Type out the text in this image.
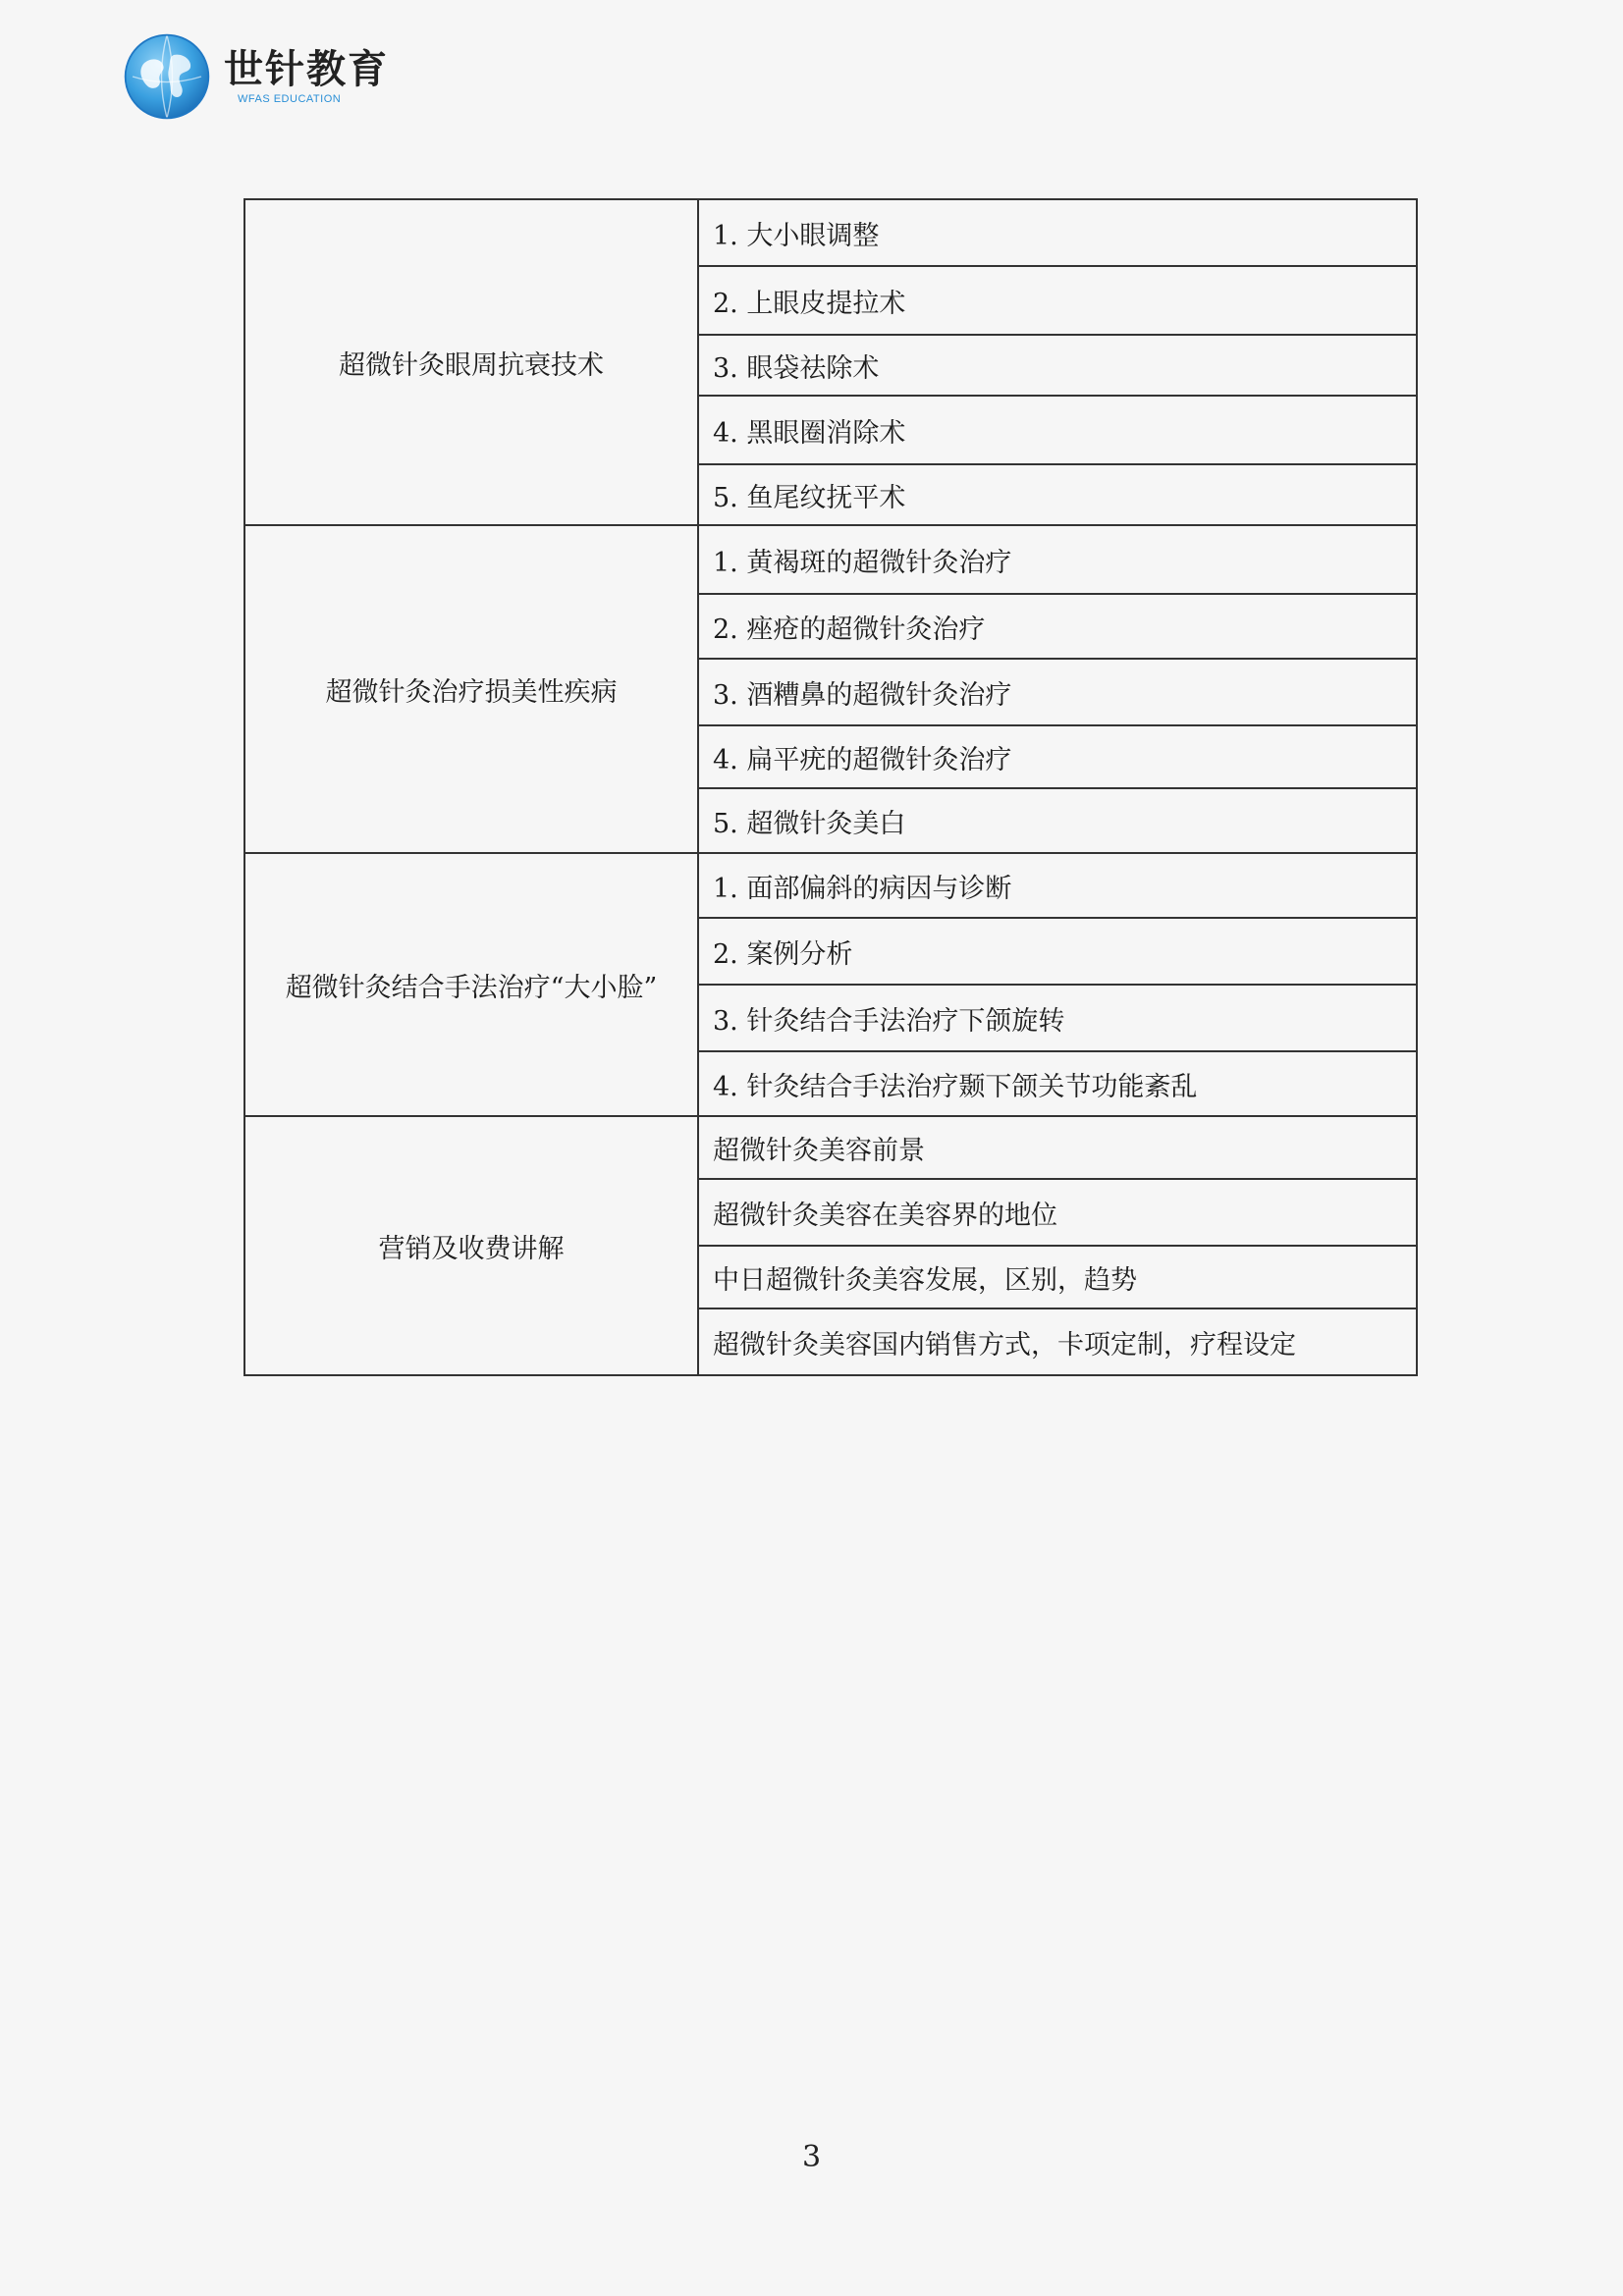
世针教育
WFAS EDUCATION
超微针灸眼周抗衰技术	1. 大小眼调整
	2. 上眼皮提拉术
	3. 眼袋祛除术
	4. 黑眼圈消除术
	5. 鱼尾纹抚平术
超微针灸治疗损美性疾病	1. 黄褐斑的超微针灸治疗
	2. 痤疮的超微针灸治疗
	3. 酒糟鼻的超微针灸治疗
	4. 扁平疣的超微针灸治疗
	5. 超微针灸美白
超微针灸结合手法治疗“大小脸”	1. 面部偏斜的病因与诊断
	2. 案例分析
	3. 针灸结合手法治疗下颌旋转
	4. 针灸结合手法治疗颞下颌关节功能紊乱
营销及收费讲解	超微针灸美容前景
	超微针灸美容在美容界的地位
	中日超微针灸美容发展，区别，趋势
	超微针灸美容国内销售方式，卡项定制，疗程设定
3
